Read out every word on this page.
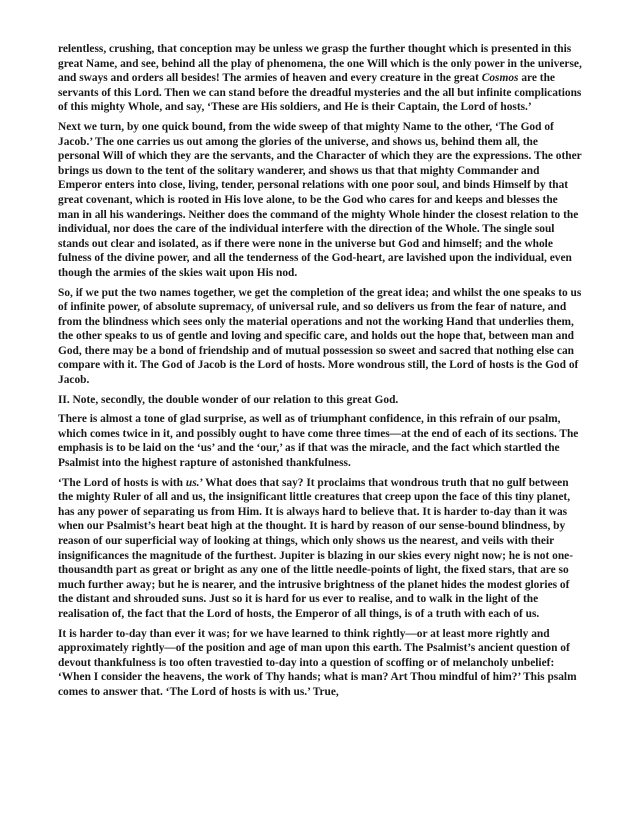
relentless, crushing, that conception may be unless we grasp the further thought which is presented in this great Name, and see, behind all the play of phenomena, the one Will which is the only power in the universe, and sways and orders all besides! The armies of heaven and every creature in the great Cosmos are the servants of this Lord. Then we can stand before the dreadful mysteries and the all but infinite complications of this mighty Whole, and say, ‘These are His soldiers, and He is their Captain, the Lord of hosts.’

Next we turn, by one quick bound, from the wide sweep of that mighty Name to the other, ‘The God of Jacob.’ The one carries us out among the glories of the universe, and shows us, behind them all, the personal Will of which they are the servants, and the Character of which they are the expressions. The other brings us down to the tent of the solitary wanderer, and shows us that that mighty Commander and Emperor enters into close, living, tender, personal relations with one poor soul, and binds Himself by that great covenant, which is rooted in His love alone, to be the God who cares for and keeps and blesses the man in all his wanderings. Neither does the command of the mighty Whole hinder the closest relation to the individual, nor does the care of the individual interfere with the direction of the Whole. The single soul stands out clear and isolated, as if there were none in the universe but God and himself; and the whole fulness of the divine power, and all the tenderness of the God-heart, are lavished upon the individual, even though the armies of the skies wait upon His nod.

So, if we put the two names together, we get the completion of the great idea; and whilst the one speaks to us of infinite power, of absolute supremacy, of universal rule, and so delivers us from the fear of nature, and from the blindness which sees only the material operations and not the working Hand that underlies them, the other speaks to us of gentle and loving and specific care, and holds out the hope that, between man and God, there may be a bond of friendship and of mutual possession so sweet and sacred that nothing else can compare with it. The God of Jacob is the Lord of hosts. More wondrous still, the Lord of hosts is the God of Jacob.

II. Note, secondly, the double wonder of our relation to this great God.

There is almost a tone of glad surprise, as well as of triumphant confidence, in this refrain of our psalm, which comes twice in it, and possibly ought to have come three times—at the end of each of its sections. The emphasis is to be laid on the ‘us’ and the ‘our,’ as if that was the miracle, and the fact which startled the Psalmist into the highest rapture of astonished thankfulness.

‘The Lord of hosts is with us.’ What does that say? It proclaims that wondrous truth that no gulf between the mighty Ruler of all and us, the insignificant little creatures that creep upon the face of this tiny planet, has any power of separating us from Him. It is always hard to believe that. It is harder to-day than it was when our Psalmist’s heart beat high at the thought. It is hard by reason of our sense-bound blindness, by reason of our superficial way of looking at things, which only shows us the nearest, and veils with their insignificances the magnitude of the furthest. Jupiter is blazing in our skies every night now; he is not one-thousandth part as great or bright as any one of the little needle-points of light, the fixed stars, that are so much further away; but he is nearer, and the intrusive brightness of the planet hides the modest glories of the distant and shrouded suns. Just so it is hard for us ever to realise, and to walk in the light of the realisation of, the fact that the Lord of hosts, the Emperor of all things, is of a truth with each of us.

It is harder to-day than ever it was; for we have learned to think rightly—or at least more rightly and approximately rightly—of the position and age of man upon this earth. The Psalmist’s ancient question of devout thankfulness is too often travestied to-day into a question of scoffing or of melancholy unbelief: ‘When I consider the heavens, the work of Thy hands; what is man? Art Thou mindful of him?’ This psalm comes to answer that. ‘The Lord of hosts is with us.’ True,
